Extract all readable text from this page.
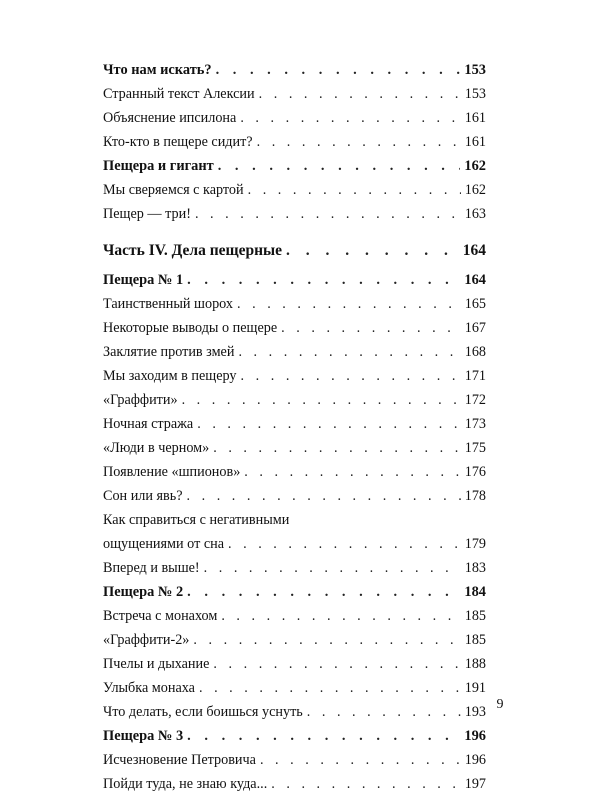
Что нам искать? . . .	153
Странный текст Алексии . . .	153
Объяснение ипсилона . . .	161
Кто-кто в пещере сидит? . . .	161
Пещера и гигант . . .	162
Мы сверяемся с картой . . .	162
Пещер — три! . . .	163
Часть IV. Дела пещерные . . .	164
Пещера № 1 . . .	164
Таинственный шорох . . .	165
Некоторые выводы о пещере . . .	167
Заклятие против змей . . .	168
Мы заходим в пещеру . . .	171
«Граффити» . . .	172
Ночная стража . . .	173
«Люди в черном» . . .	175
Появление «шпионов» . . .	176
Сон или явь? . . .	178
Как справиться с негативными
ощущениями от сна . . .	179
Вперед и выше! . . .	183
Пещера № 2 . . .	184
Встреча с монахом . . .	185
«Граффити-2» . . .	185
Пчелы и дыхание . . .	188
Улыбка монаха . . .	191
Что делать, если боишься уснуть . . .	193
Пещера № 3 . . .	196
Исчезновение Петровича . . .	196
Пойди туда, не знаю куда... . . .	197
9
